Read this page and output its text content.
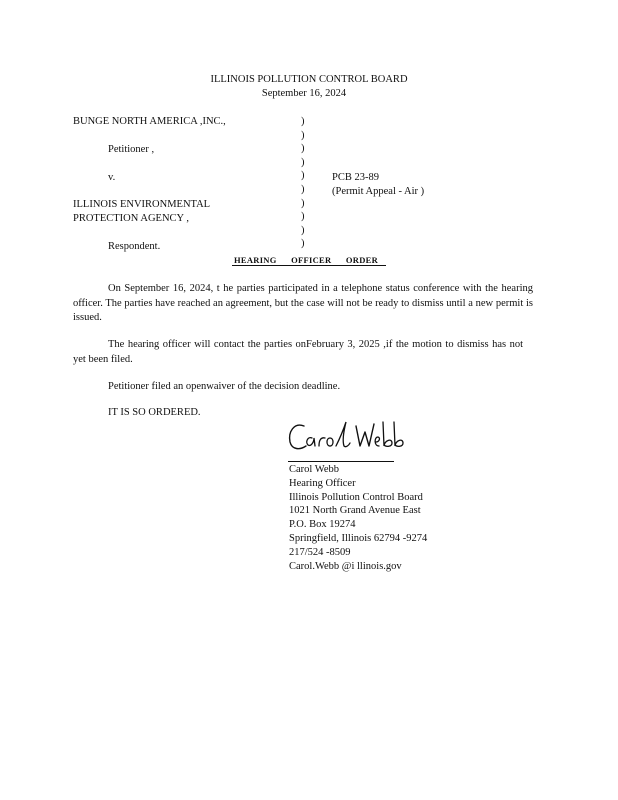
ILLINOIS POLLUTION CONTROL BOARD
September 16, 2024
BUNGE NORTH AMERICA ,INC.,
Petitioner ,
v.
ILLINOIS ENVIRONMENTAL
PROTECTION AGENCY ,
Respondent.
)
)
)
)
)
)
)
)
)
)
PCB 23-89
(Permit Appeal - Air )
HEARING OFFICER ORDER
On September 16, 2024, t he parties participated in a telephone status conference with the hearing officer. The parties have reached an agreement, but the case will not be ready to dismiss until a new permit is issued.
The hearing officer will contact the parties onFebruary 3, 2025 ,if the motion to dismiss has not yet been filed.
Petitioner filed an openwaiver of the decision deadline.
IT IS SO ORDERED.
Carol Webb
Hearing Officer
Illinois Pollution Control Board
1021 North Grand Avenue East
P.O. Box 19274
Springfield, Illinois 62794 -9274
217/524 -8509
Carol.Webb @i llinois.gov
